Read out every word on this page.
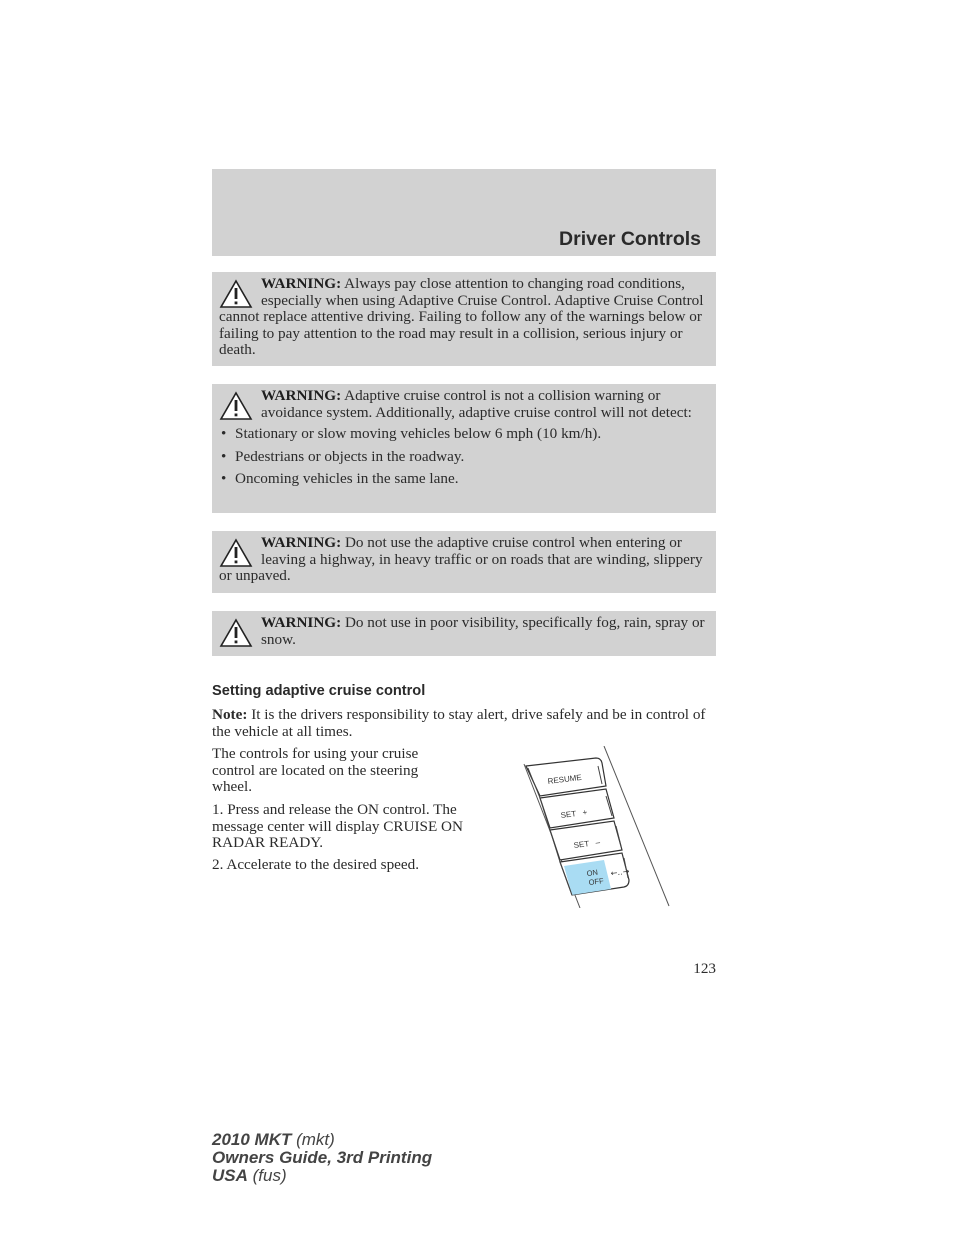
Driver Controls

WARNING: Always pay close attention to changing road conditions, especially when using Adaptive Cruise Control. Adaptive Cruise Control cannot replace attentive driving. Failing to follow any of the warnings below or failing to pay attention to the road may result in a collision, serious injury or death.

WARNING: Adaptive cruise control is not a collision warning or avoidance system. Additionally, adaptive cruise control will not detect:

• Stationary or slow moving vehicles below 6 mph (10 km/h).
• Pedestrians or objects in the roadway.
• Oncoming vehicles in the same lane.

WARNING: Do not use the adaptive cruise control when entering or leaving a highway, in heavy traffic or on roads that are winding, slippery or unpaved.

WARNING: Do not use in poor visibility, specifically fog, rain, spray or snow.

Setting adaptive cruise control

Note: It is the drivers responsibility to stay alert, drive safely and be in control of the vehicle at all times.

The controls for using your cruise control are located on the steering wheel.

1. Press and release the ON control. The message center will display CRUISE ON RADAR READY.

2. Accelerate to the desired speed.

RESUME
SET   +
SET   –
ON
OFF
←‥→
123
2010 MKT (mkt)
Owners Guide, 3rd Printing
USA (fus)
